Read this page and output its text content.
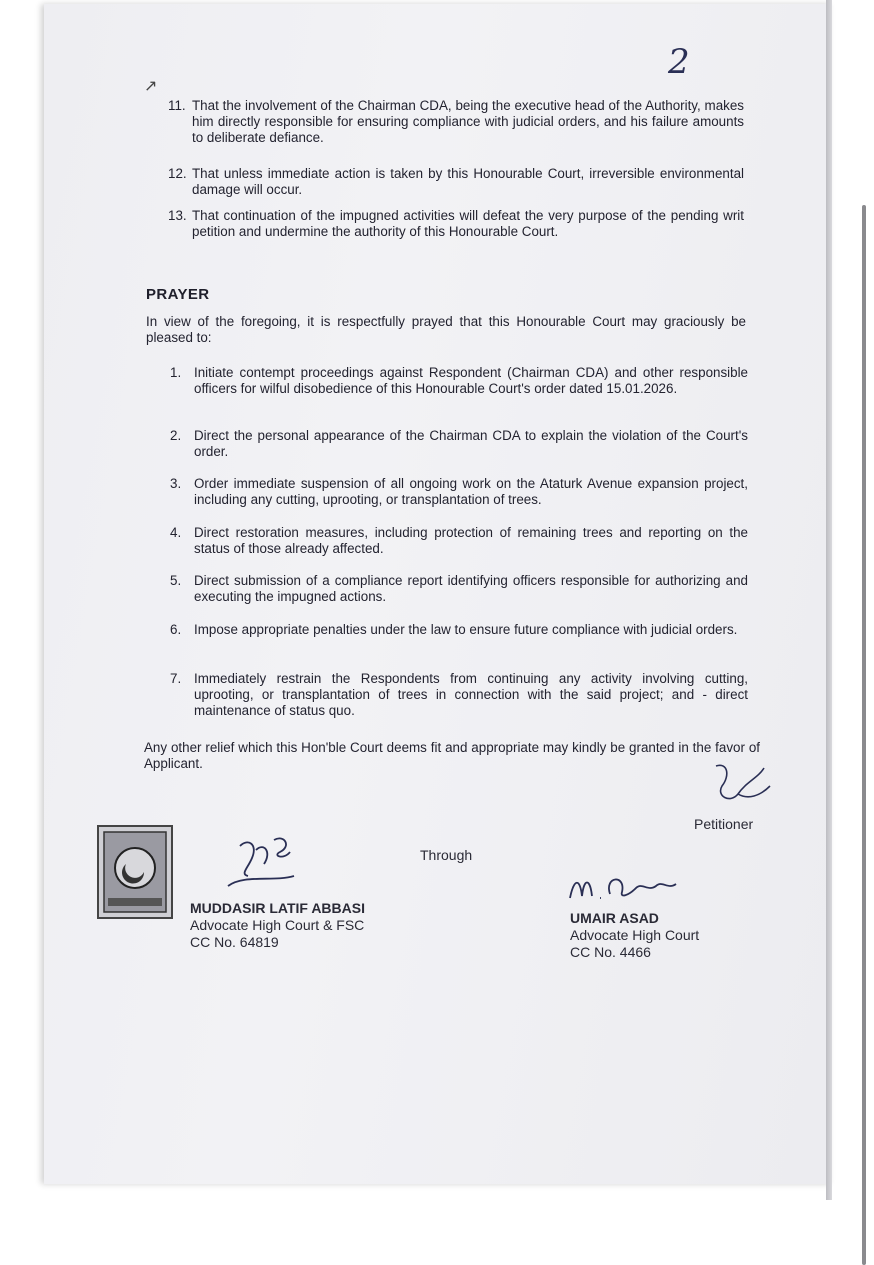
2
↗
11. That the involvement of the Chairman CDA, being the executive head of the Authority, makes him directly responsible for ensuring compliance with judicial orders, and his failure amounts to deliberate defiance.
12. That unless immediate action is taken by this Honourable Court, irreversible environmental damage will occur.
13. That continuation of the impugned activities will defeat the very purpose of the pending writ petition and undermine the authority of this Honourable Court.
PRAYER
In view of the foregoing, it is respectfully prayed that this Honourable Court may graciously be pleased to:
1. Initiate contempt proceedings against Respondent (Chairman CDA) and other responsible officers for wilful disobedience of this Honourable Court's order dated 15.01.2026.
2. Direct the personal appearance of the Chairman CDA to explain the violation of the Court's order.
3. Order immediate suspension of all ongoing work on the Ataturk Avenue expansion project, including any cutting, uprooting, or transplantation of trees.
4. Direct restoration measures, including protection of remaining trees and reporting on the status of those already affected.
5. Direct submission of a compliance report identifying officers responsible for authorizing and executing the impugned actions.
6. Impose appropriate penalties under the law to ensure future compliance with judicial orders.
7. Immediately restrain the Respondents from continuing any activity involving cutting, uprooting, or transplantation of trees in connection with the said project; and - direct maintenance of status quo.
Any other relief which this Hon'ble Court deems fit and appropriate may kindly be granted in the favor of Applicant.
Petitioner
MUDDASIR LATIF ABBASI
Advocate High Court & FSC
CC No. 64819
Through
UMAIR ASAD
Advocate High Court
CC No. 4466
